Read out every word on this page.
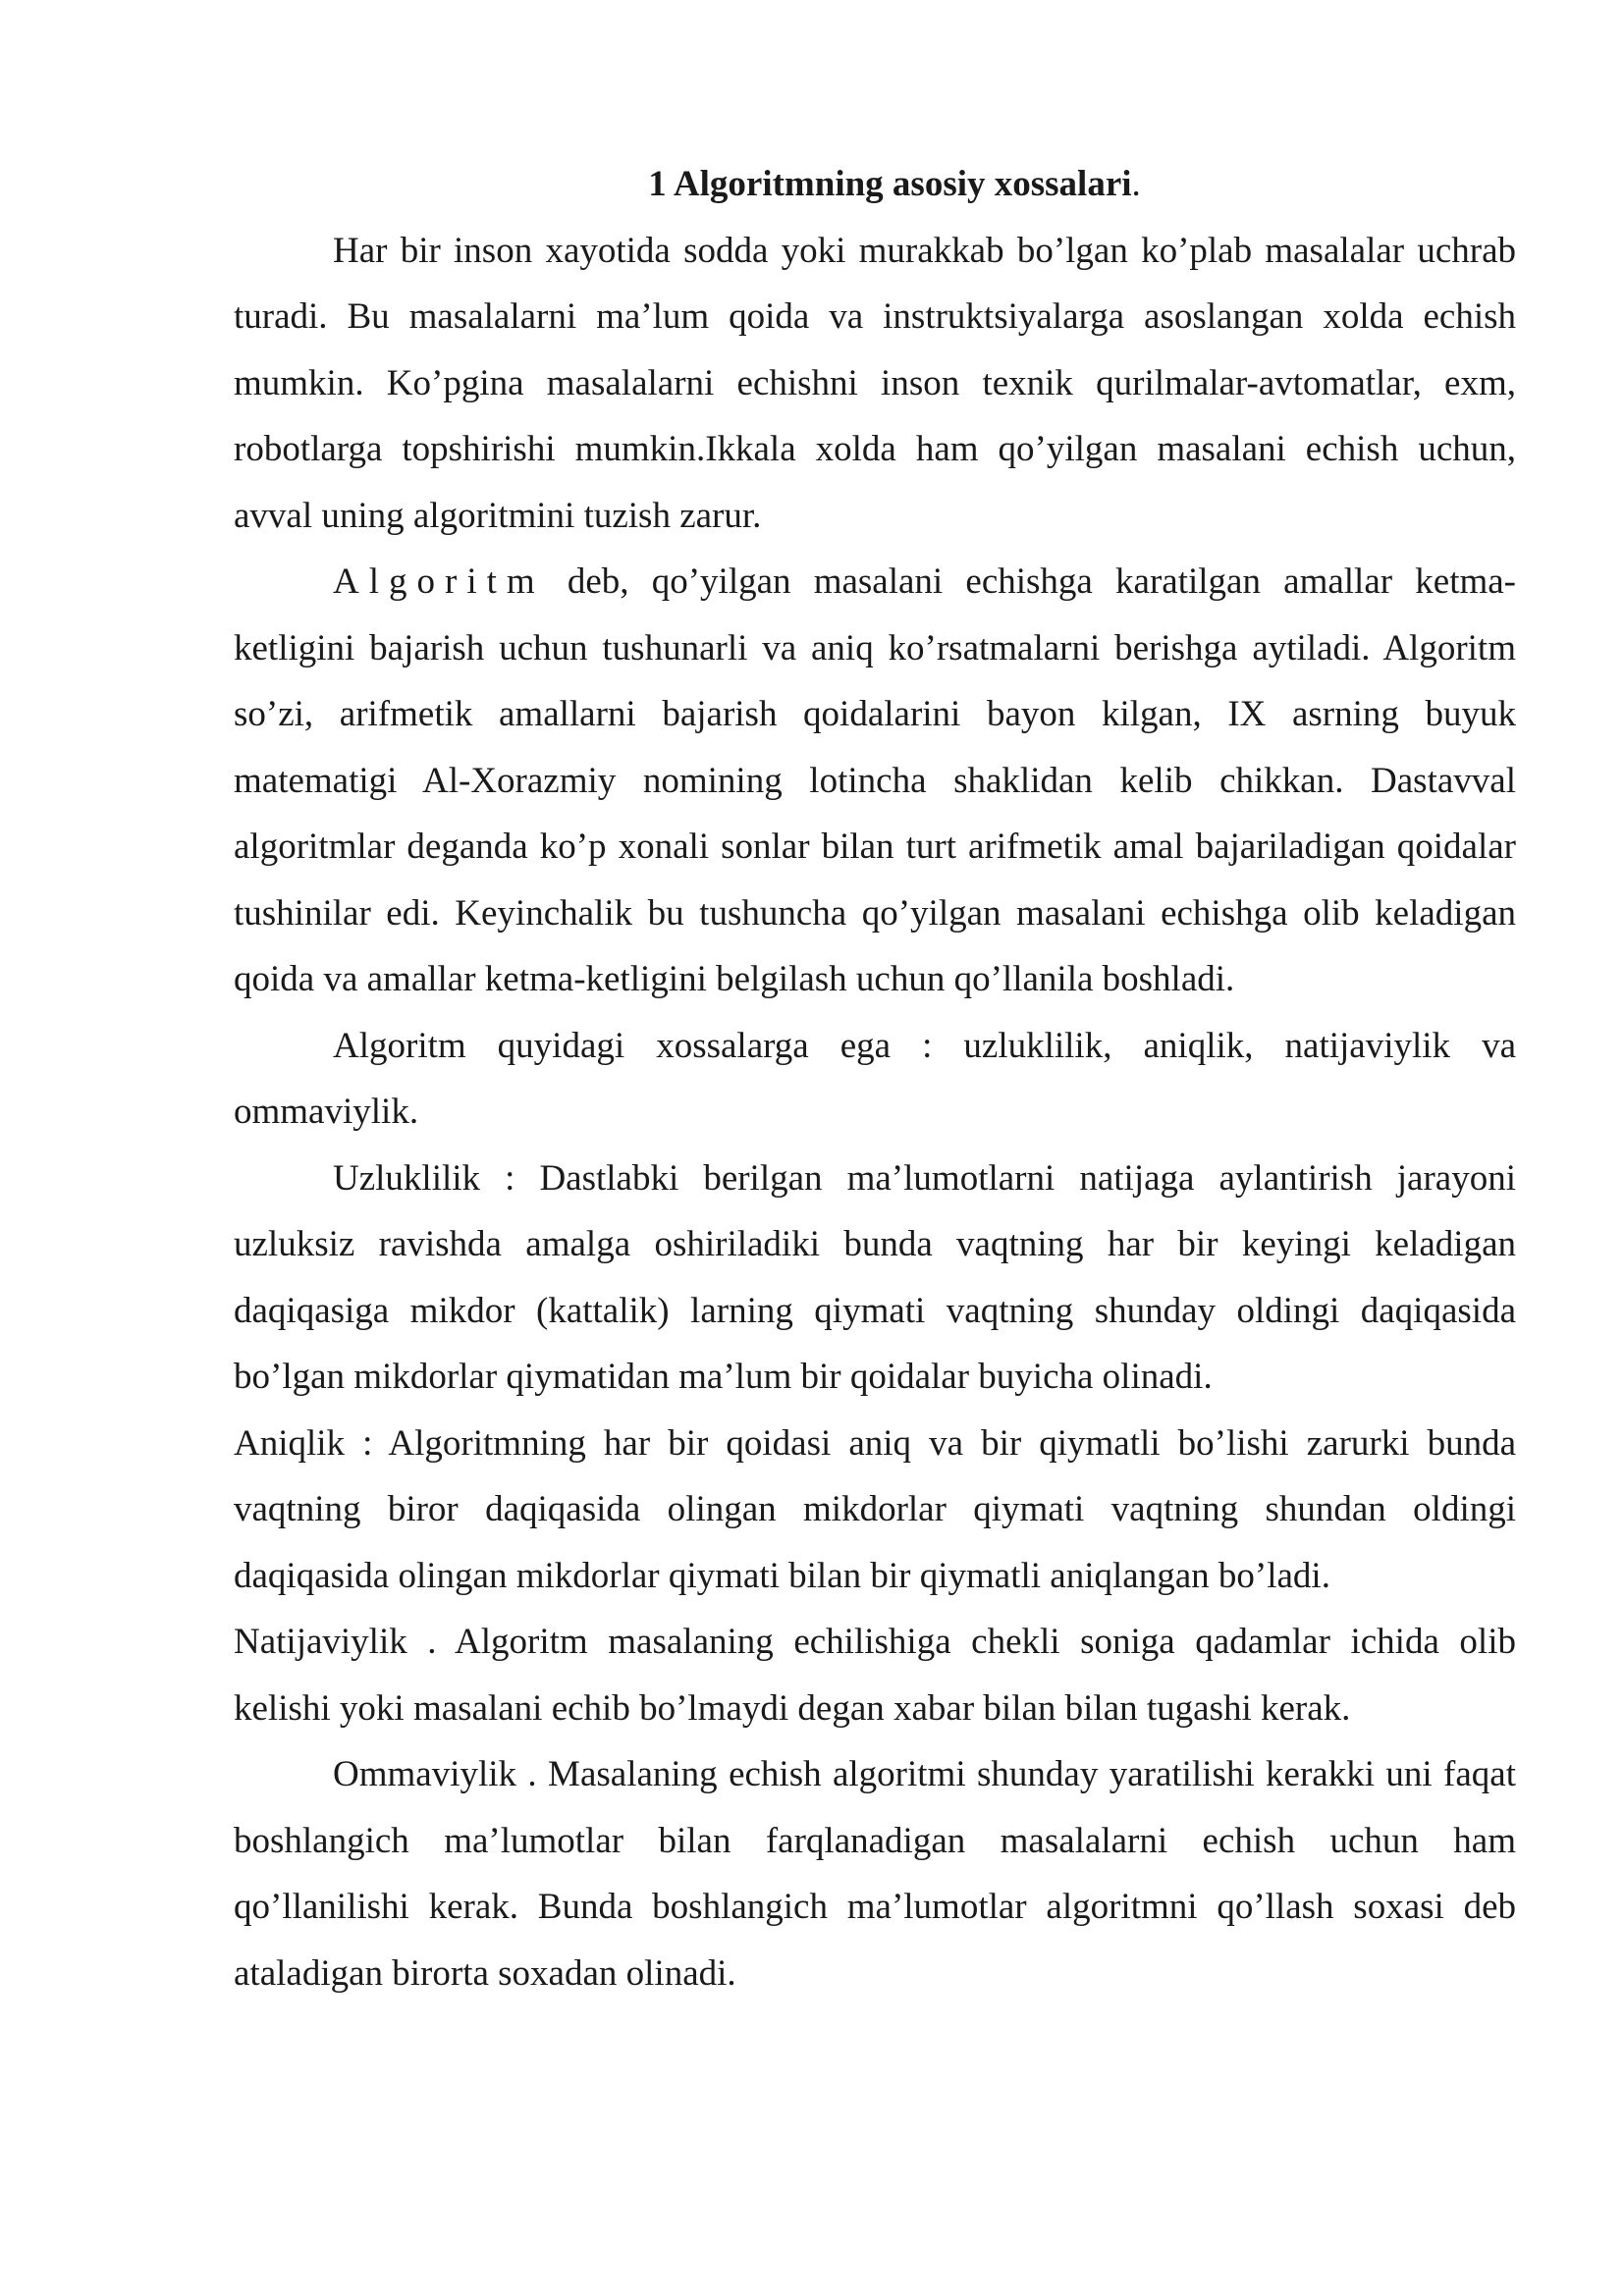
1 Algoritmning asosiy xossalari.

Har bir inson xayotida sodda yoki murakkab bo’lgan ko’plab masalalar uchrab turadi. Bu masalalarni ma’lum qoida va instruktsiyalarga asoslangan xolda echish mumkin. Ko’pgina masalalarni echishni inson texnik qurilmalar-avtomatlar, exm, robotlarga topshirishi mumkin.Ikkala xolda ham qo’yilgan masalani echish uchun, avval uning algoritmini tuzish zarur.

Algoritm deb, qo’yilgan masalani echishga karatilgan amallar ketma-ketligini bajarish uchun tushunarli va aniq ko’rsatmalarni berishga aytiladi. Algoritm so’zi, arifmetik amallarni bajarish qoidalarini bayon kilgan, IX asrning buyuk matematigi Al-Xorazmiy nomining lotincha shaklidan kelib chikkan. Dastavval algoritmlar deganda ko’p xonali sonlar bilan turt arifmetik amal bajariladigan qoidalar tushinilar edi. Keyinchalik bu tushuncha qo’yilgan masalani echishga olib keladigan qoida va amallar ketma-ketligini belgilash uchun qo’llanila boshladi.

Algoritm quyidagi xossalarga ega : uzluklilik, aniqlik, natijaviylik va ommaviylik.

Uzluklilik : Dastlabki berilgan ma’lumotlarni natijaga aylantirish jarayoni uzluksiz ravishda amalga oshiriladiki bunda vaqtning har bir keyingi keladigan daqiqasiga mikdor (kattalik) larning qiymati vaqtning shunday oldingi daqiqasida bo’lgan mikdorlar qiymatidan ma’lum bir qoidalar buyicha olinadi.

Aniqlik : Algoritmning har bir qoidasi aniq va bir qiymatli bo’lishi zarurki bunda vaqtning biror daqiqasida olingan mikdorlar qiymati vaqtning shundan oldingi daqiqasida olingan mikdorlar qiymati bilan bir qiymatli aniqlangan bo’ladi.

Natijaviylik . Algoritm masalaning echilishiga chekli soniga qadamlar ichida olib kelishi yoki masalani echib bo’lmaydi degan xabar bilan bilan tugashi kerak.

Ommaviylik . Masalaning echish algoritmi shunday yaratilishi kerakki uni faqat boshlangich ma’lumotlar bilan farqlanadigan masalalarni echish uchun ham qo’llanilishi kerak. Bunda boshlangich ma’lumotlar algoritmni qo’llash soxasi deb ataladigan birorta soxadan olinadi.
